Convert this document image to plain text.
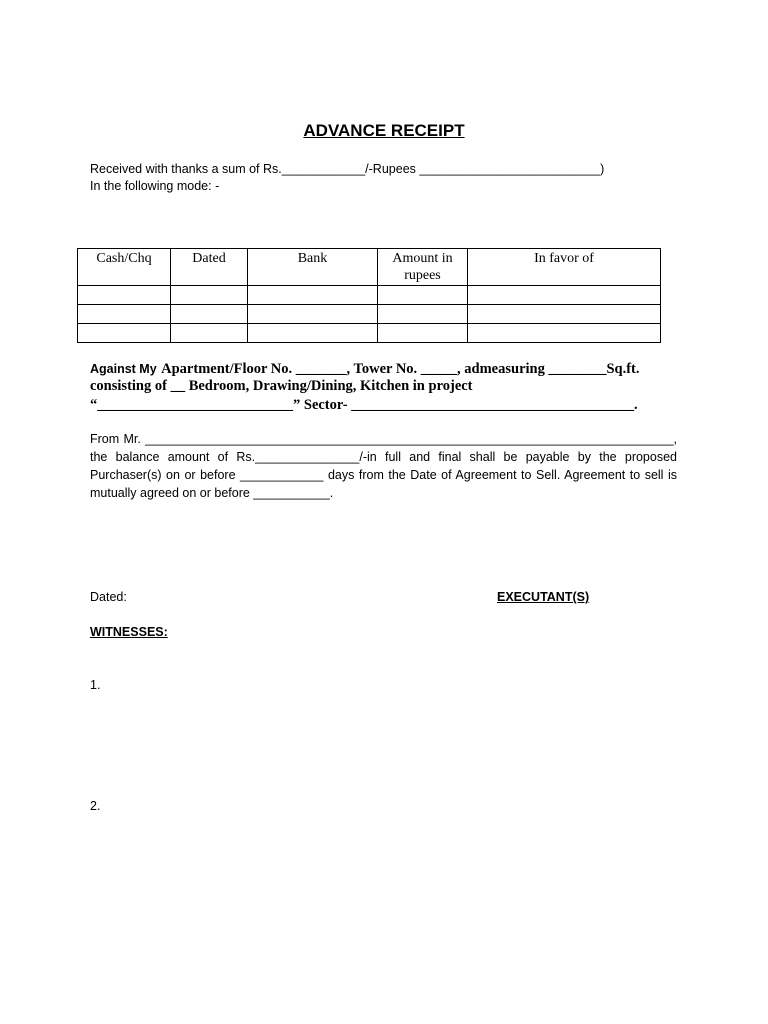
ADVANCE RECEIPT
Received with thanks a sum of Rs.____________/-Rupees __________________________)
In the following mode: -
Cash/Chq	Dated	Bank	Amount in rupees	In favor of

Against My Apartment/Floor No. _______, Tower No. _____, admeasuring ________Sq.ft.
consisting of __ Bedroom, Drawing/Dining, Kitchen in project
“___________________________” Sector- _______________________________________.
From Mr. ____________________________________________________________________________,
the balance amount of Rs._______________/-in full and final shall be payable by the proposed
Purchaser(s) on or before ____________ days from the Date of Agreement to Sell. Agreement to sell is
mutually agreed on or before ___________.
Dated:	EXECUTANT(S)
WITNESSES:
1.
2.
